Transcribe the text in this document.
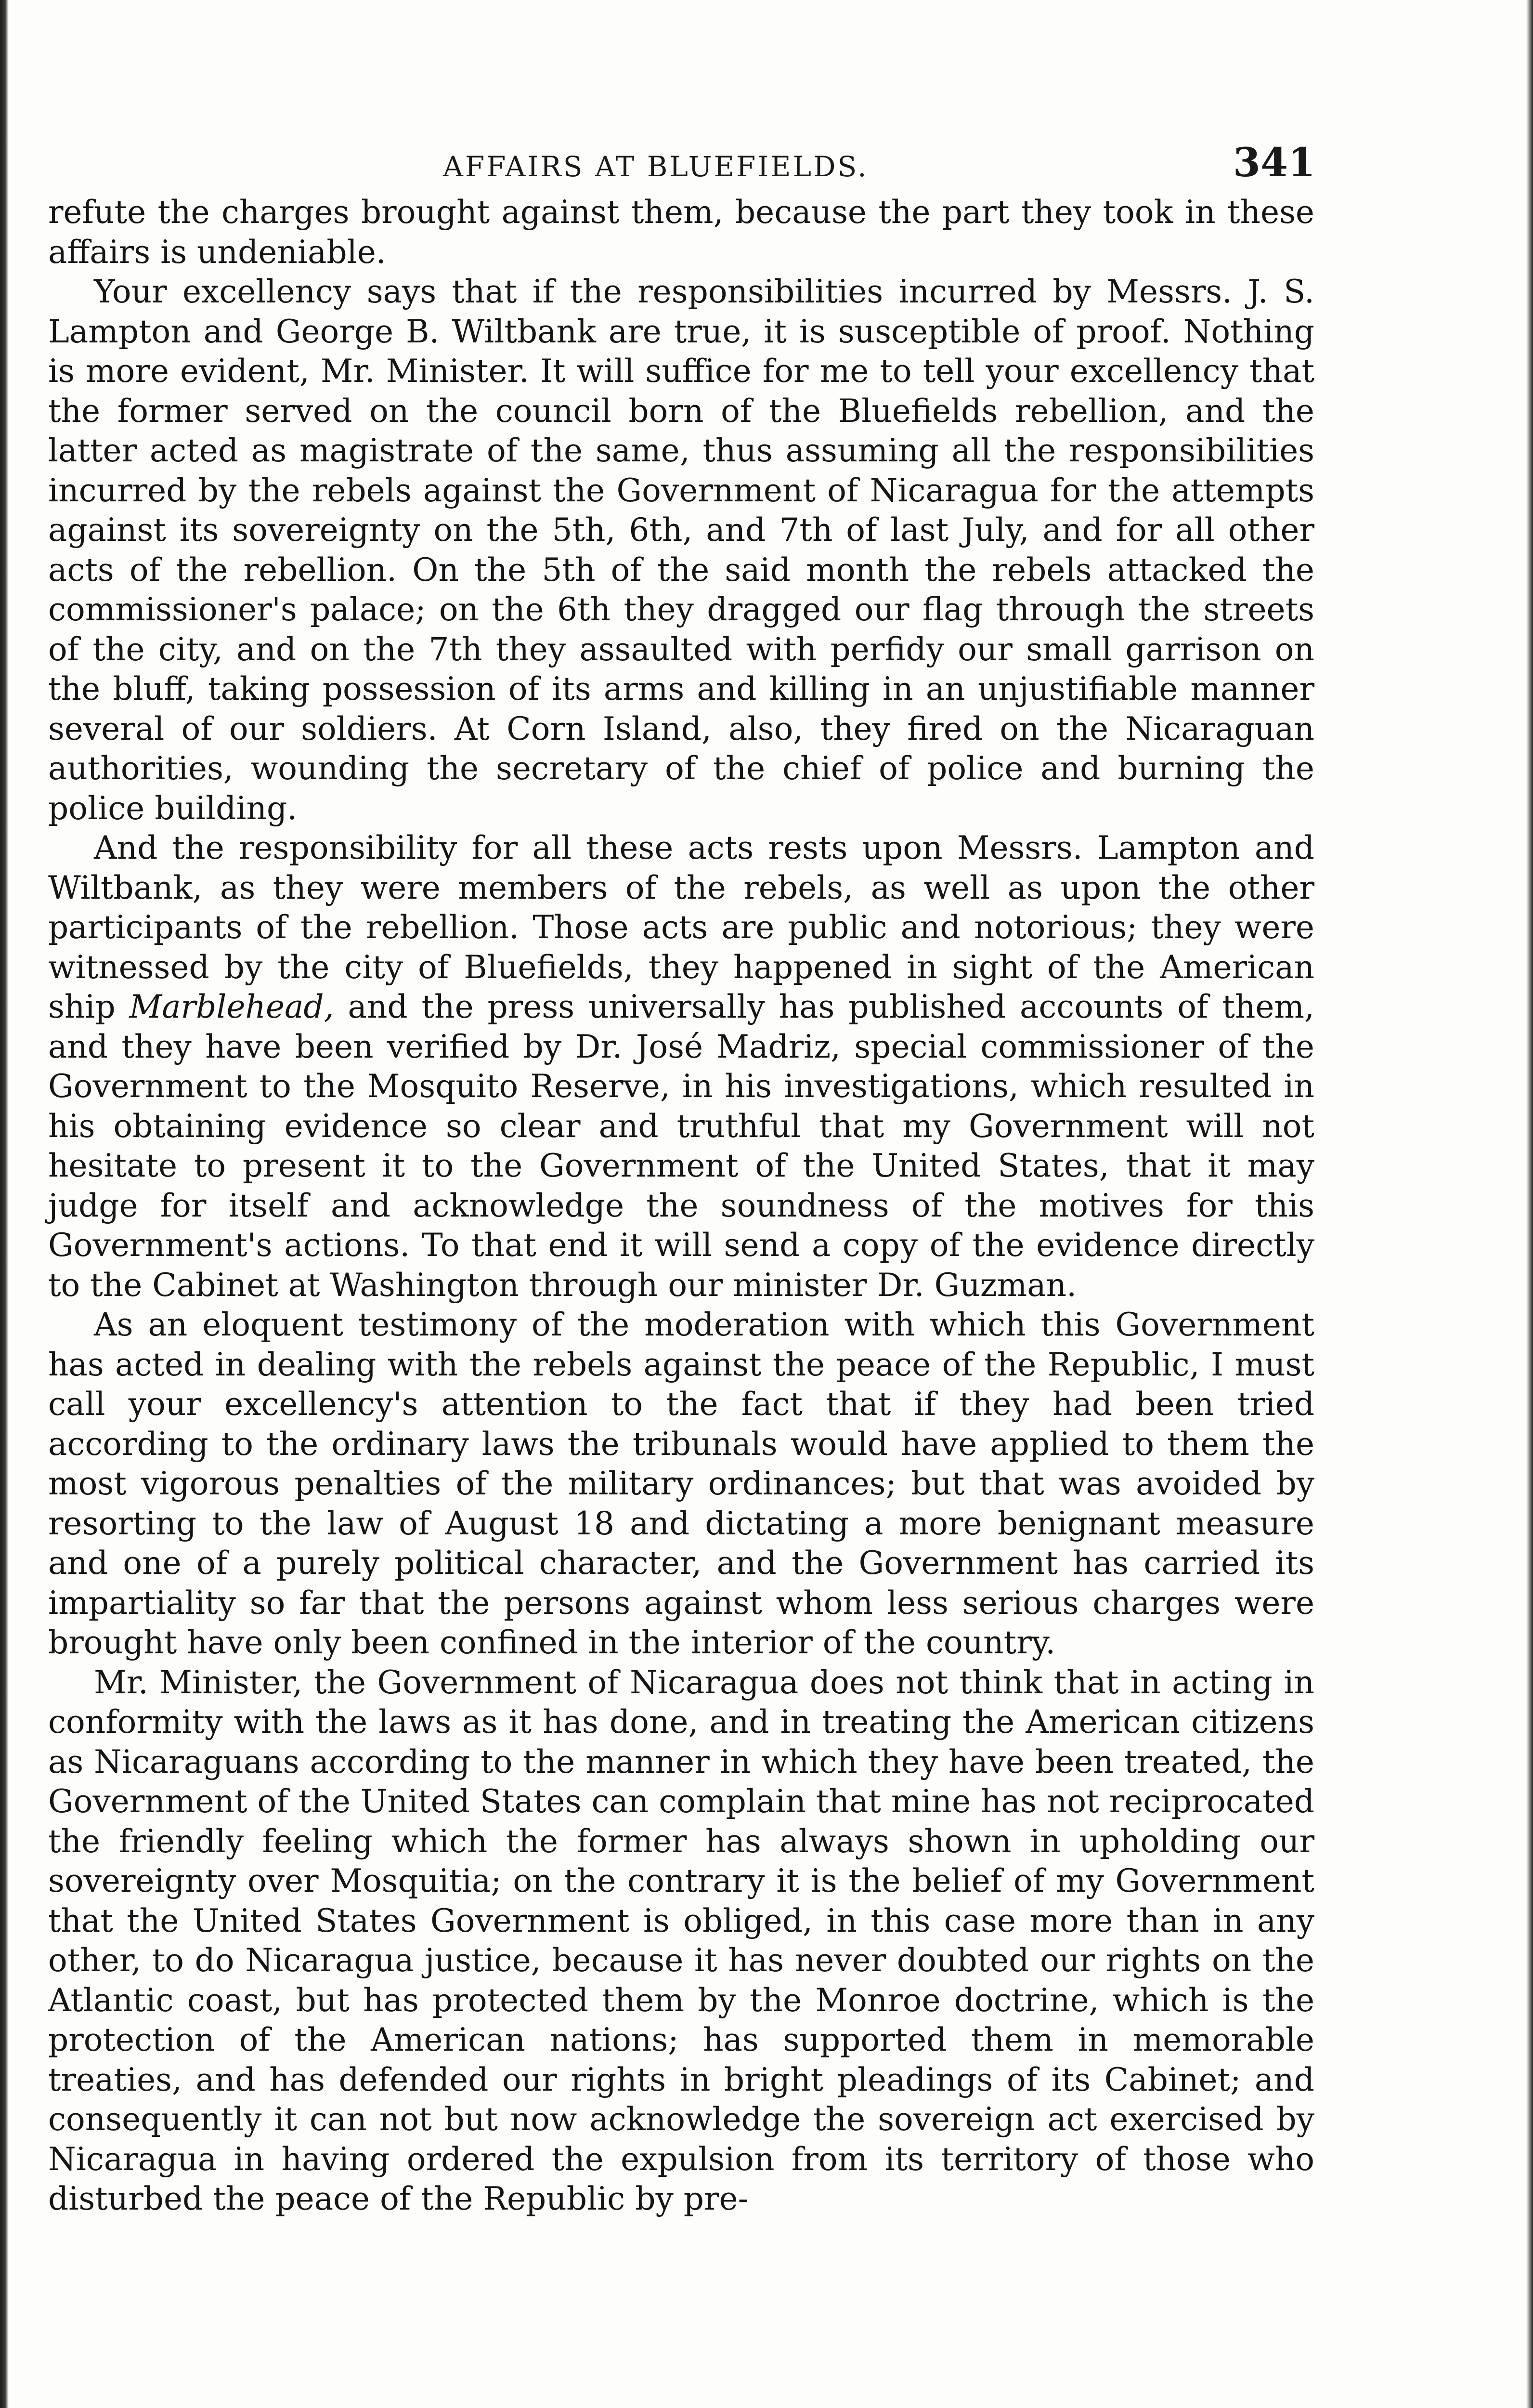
AFFAIRS AT BLUEFIELDS.	341

refute the charges brought against them, because the part they took in these affairs is undeniable.

Your excellency says that if the responsibilities incurred by Messrs. J. S. Lampton and George B. Wiltbank are true, it is susceptible of proof. Nothing is more evident, Mr. Minister. It will suffice for me to tell your excellency that the former served on the council born of the Bluefields rebellion, and the latter acted as magistrate of the same, thus assuming all the responsibilities incurred by the rebels against the Government of Nicaragua for the attempts against its sovereignty on the 5th, 6th, and 7th of last July, and for all other acts of the rebellion. On the 5th of the said month the rebels attacked the commissioner's palace; on the 6th they dragged our flag through the streets of the city, and on the 7th they assaulted with perfidy our small garrison on the bluff, taking possession of its arms and killing in an unjustifiable manner several of our soldiers. At Corn Island, also, they fired on the Nicaraguan authorities, wounding the secretary of the chief of police and burning the police building.

And the responsibility for all these acts rests upon Messrs. Lampton and Wiltbank, as they were members of the rebels, as well as upon the other participants of the rebellion. Those acts are public and notorious; they were witnessed by the city of Bluefields, they happened in sight of the American ship Marblehead, and the press universally has published accounts of them, and they have been verified by Dr. José Madriz, special commissioner of the Government to the Mosquito Reserve, in his investigations, which resulted in his obtaining evidence so clear and truthful that my Government will not hesitate to present it to the Government of the United States, that it may judge for itself and acknowledge the soundness of the motives for this Government's actions. To that end it will send a copy of the evidence directly to the Cabinet at Washington through our minister Dr. Guzman.

As an eloquent testimony of the moderation with which this Government has acted in dealing with the rebels against the peace of the Republic, I must call your excellency's attention to the fact that if they had been tried according to the ordinary laws the tribunals would have applied to them the most vigorous penalties of the military ordinances; but that was avoided by resorting to the law of August 18 and dictating a more benignant measure and one of a purely political character, and the Government has carried its impartiality so far that the persons against whom less serious charges were brought have only been confined in the interior of the country.

Mr. Minister, the Government of Nicaragua does not think that in acting in conformity with the laws as it has done, and in treating the American citizens as Nicaraguans according to the manner in which they have been treated, the Government of the United States can complain that mine has not reciprocated the friendly feeling which the former has always shown in upholding our sovereignty over Mosquitia; on the contrary it is the belief of my Government that the United States Government is obliged, in this case more than in any other, to do Nicaragua justice, because it has never doubted our rights on the Atlantic coast, but has protected them by the Monroe doctrine, which is the protection of the American nations; has supported them in memorable treaties, and has defended our rights in bright pleadings of its Cabinet; and consequently it can not but now acknowledge the sovereign act exercised by Nicaragua in having ordered the expulsion from its territory of those who disturbed the peace of the Republic by pre-
